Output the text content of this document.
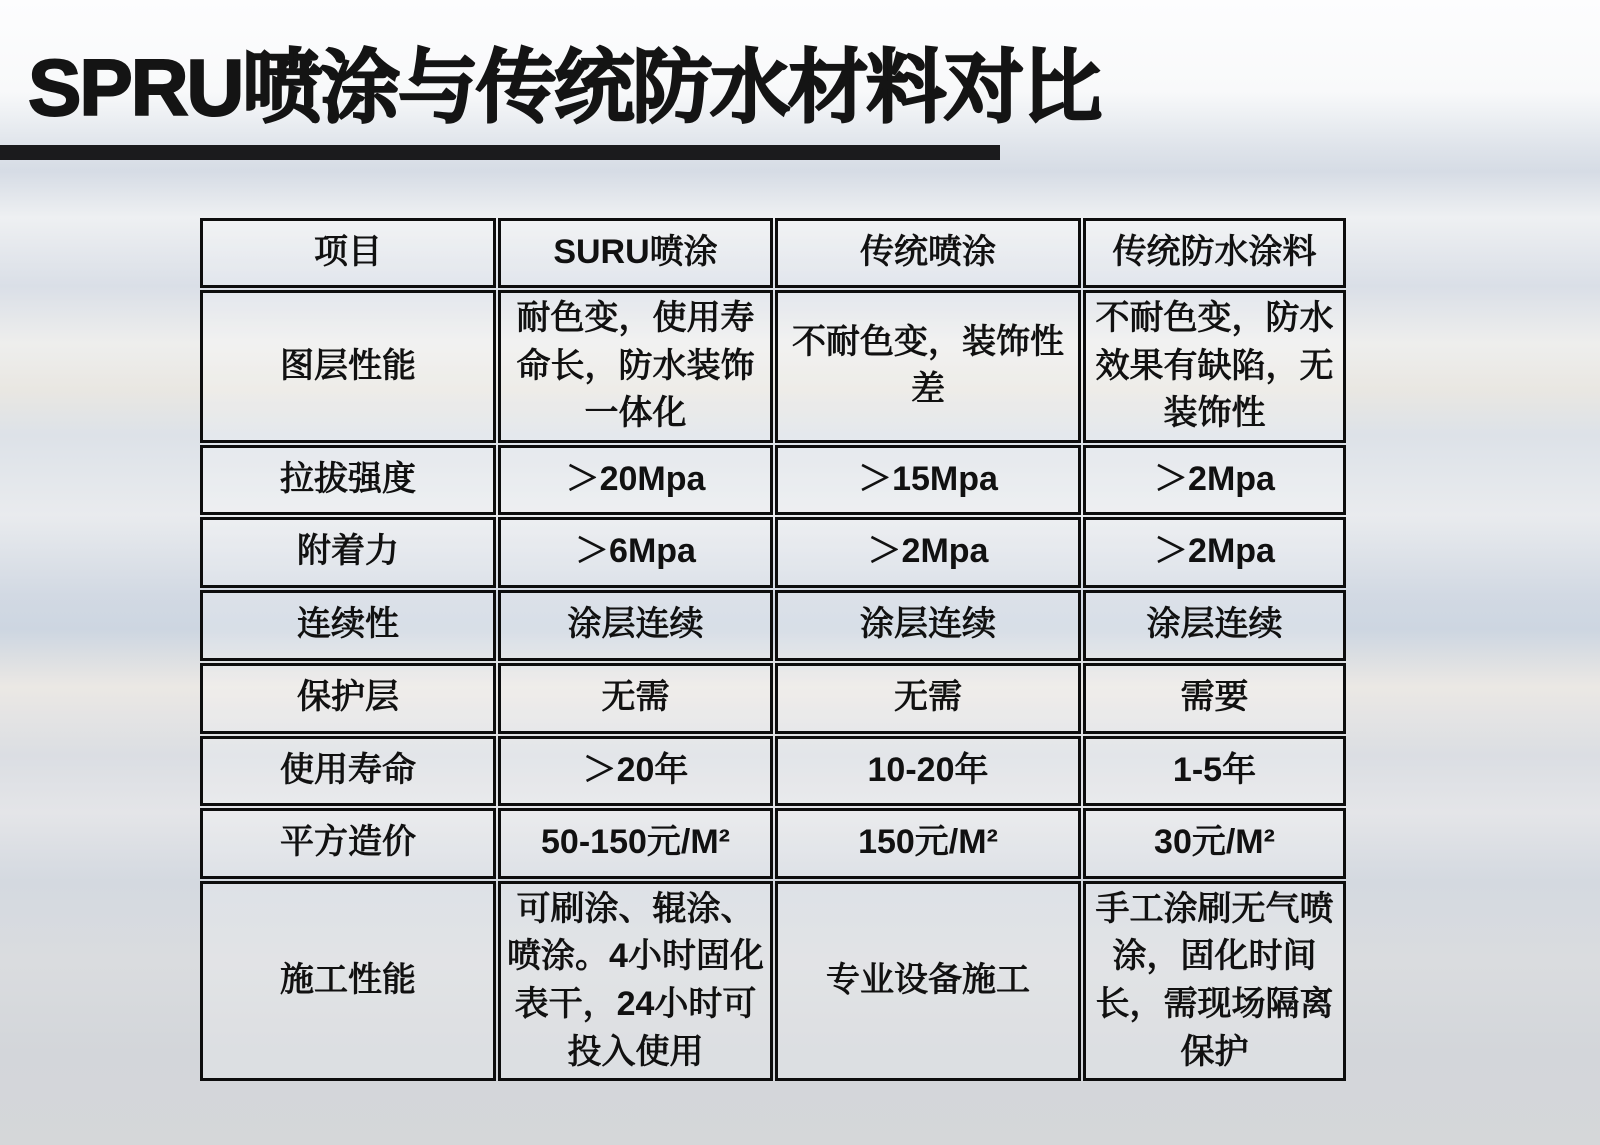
SPRU喷涂与传统防水材料对比
项目	SURU喷涂	传统喷涂	传统防水涂料
图层性能	耐色变，使用寿命长，防水装饰一体化	不耐色变，装饰性差	不耐色变，防水效果有缺陷，无装饰性
拉拔强度	＞20Mpa	＞15Mpa	＞2Mpa
附着力	＞6Mpa	＞2Mpa	＞2Mpa
连续性	涂层连续	涂层连续	涂层连续
保护层	无需	无需	需要
使用寿命	＞20年	10-20年	1-5年
平方造价	50-150元/M²	150元/M²	30元/M²
施工性能	可刷涂、辊涂、喷涂。4小时固化表干，24小时可投入使用	专业设备施工	手工涂刷无气喷涂，固化时间长，需现场隔离保护
